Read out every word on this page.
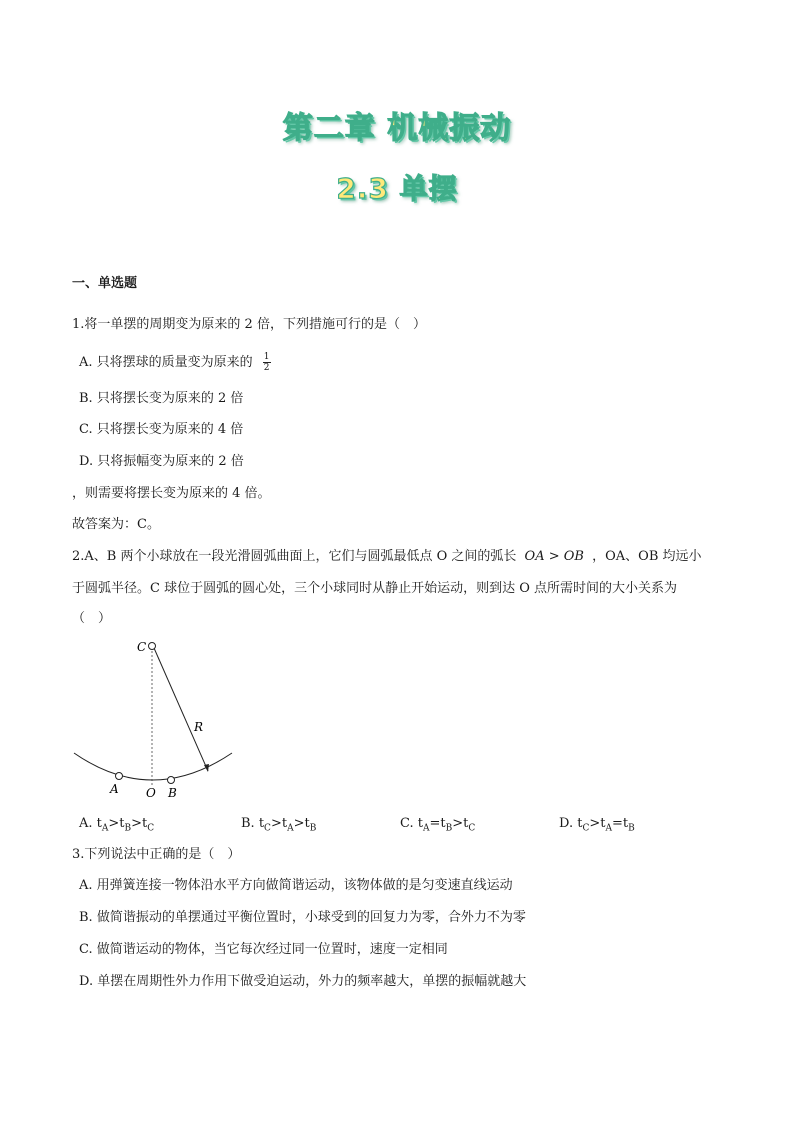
第二章 机械振动
2.3 单摆
一、单选题
1.将一单摆的周期变为原来的 2 倍，下列措施可行的是（　）
A. 只将摆球的质量变为原来的 $\frac{1}{2}$
B. 只将摆长变为原来的 2 倍
C. 只将摆长变为原来的 4 倍
D. 只将振幅变为原来的 2 倍
，则需要将摆长变为原来的 4 倍。
故答案为：C。
2.A、B 两个小球放在一段光滑圆弧曲面上，它们与圆弧最低点 O 之间的弧长 OA > OB ，OA、OB 均远小
于圆弧半径。C 球位于圆弧的圆心处，三个小球同时从静止开始运动，则到达 O 点所需时间的大小关系为
（　）
C
R
A O B
A. $t_A>t_B>t_C$	B. $t_C>t_A>t_B$	C. $t_A=t_B>t_C$	D. $t_C>t_A=t_B$
3.下列说法中正确的是（　）
A. 用弹簧连接一物体沿水平方向做简谐运动，该物体做的是匀变速直线运动
B. 做简谐振动的单摆通过平衡位置时，小球受到的回复力为零，合外力不为零
C. 做简谐运动的物体，当它每次经过同一位置时，速度一定相同
D. 单摆在周期性外力作用下做受迫运动，外力的频率越大，单摆的振幅就越大
